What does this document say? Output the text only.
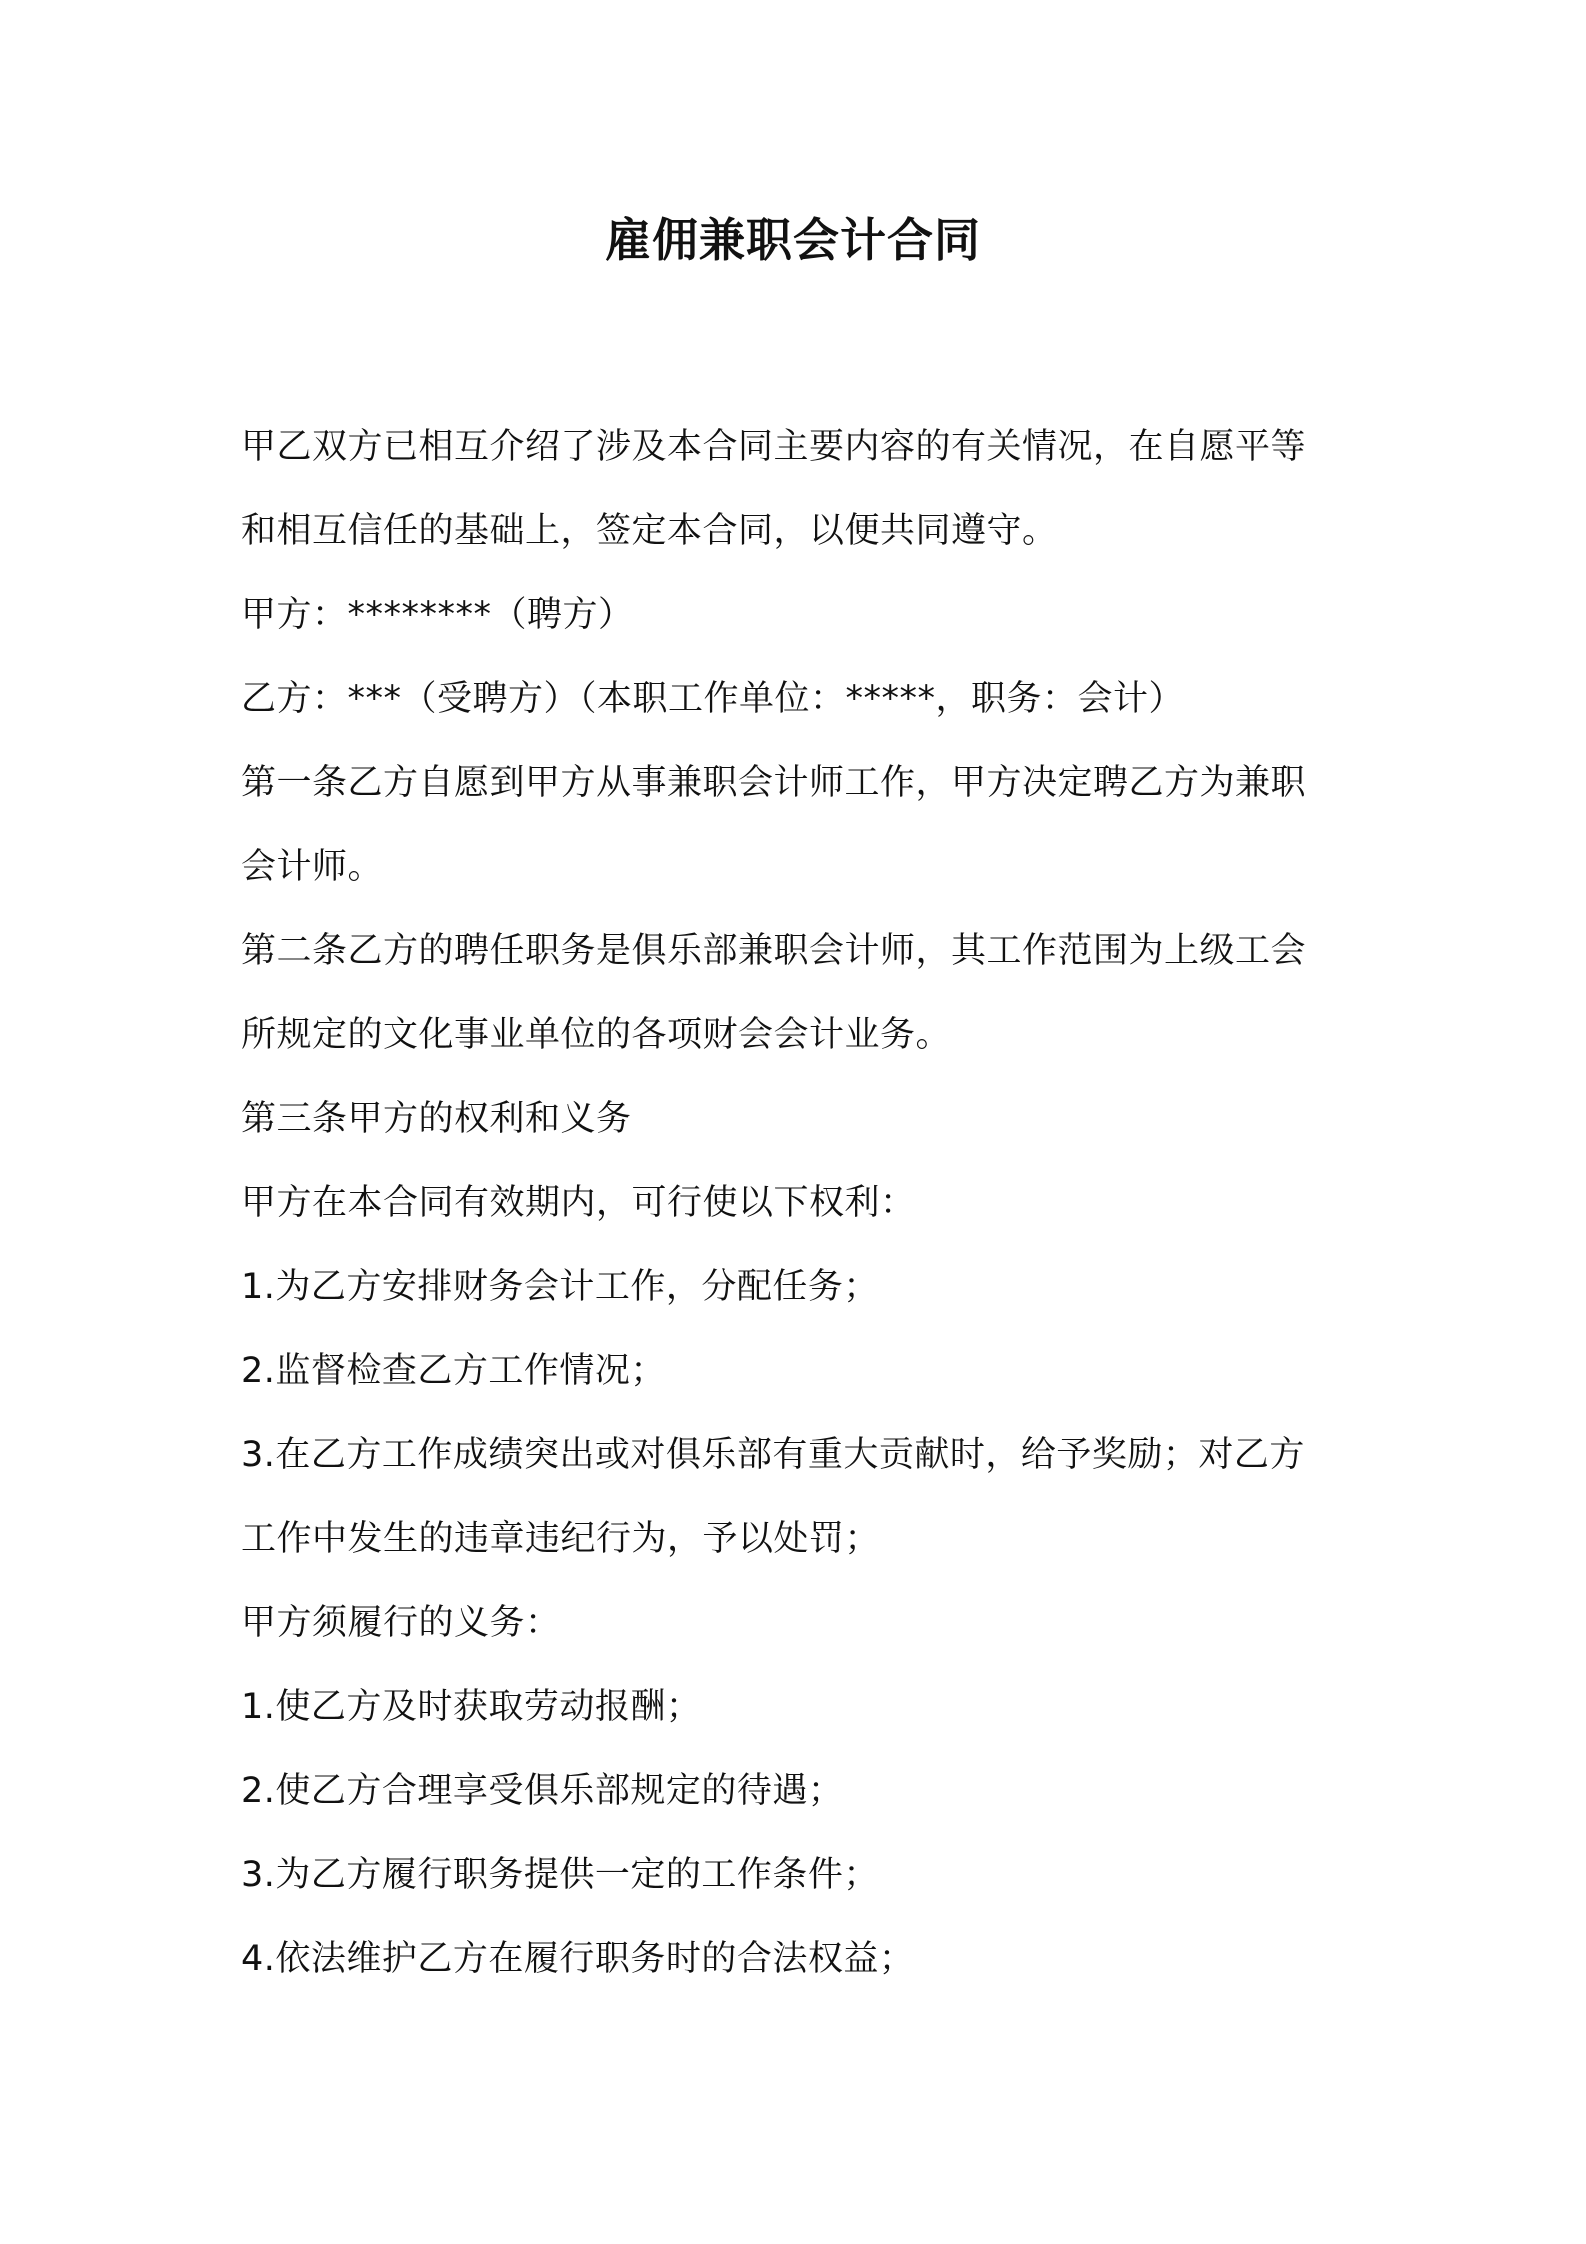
雇佣兼职会计合同
甲乙双方已相互介绍了涉及本合同主要内容的有关情况，在自愿平等
和相互信任的基础上，签定本合同，以便共同遵守。
甲方：********（聘方）
乙方：***（受聘方）（本职工作单位：*****，职务：会计）
第一条乙方自愿到甲方从事兼职会计师工作，甲方决定聘乙方为兼职
会计师。
第二条乙方的聘任职务是俱乐部兼职会计师，其工作范围为上级工会
所规定的文化事业单位的各项财会会计业务。
第三条甲方的权利和义务
甲方在本合同有效期内，可行使以下权利：
1.为乙方安排财务会计工作，分配任务；
2.监督检查乙方工作情况；
3.在乙方工作成绩突出或对俱乐部有重大贡献时，给予奖励；对乙方
工作中发生的违章违纪行为，予以处罚；
甲方须履行的义务：
1.使乙方及时获取劳动报酬；
2.使乙方合理享受俱乐部规定的待遇；
3.为乙方履行职务提供一定的工作条件；
4.依法维护乙方在履行职务时的合法权益；
